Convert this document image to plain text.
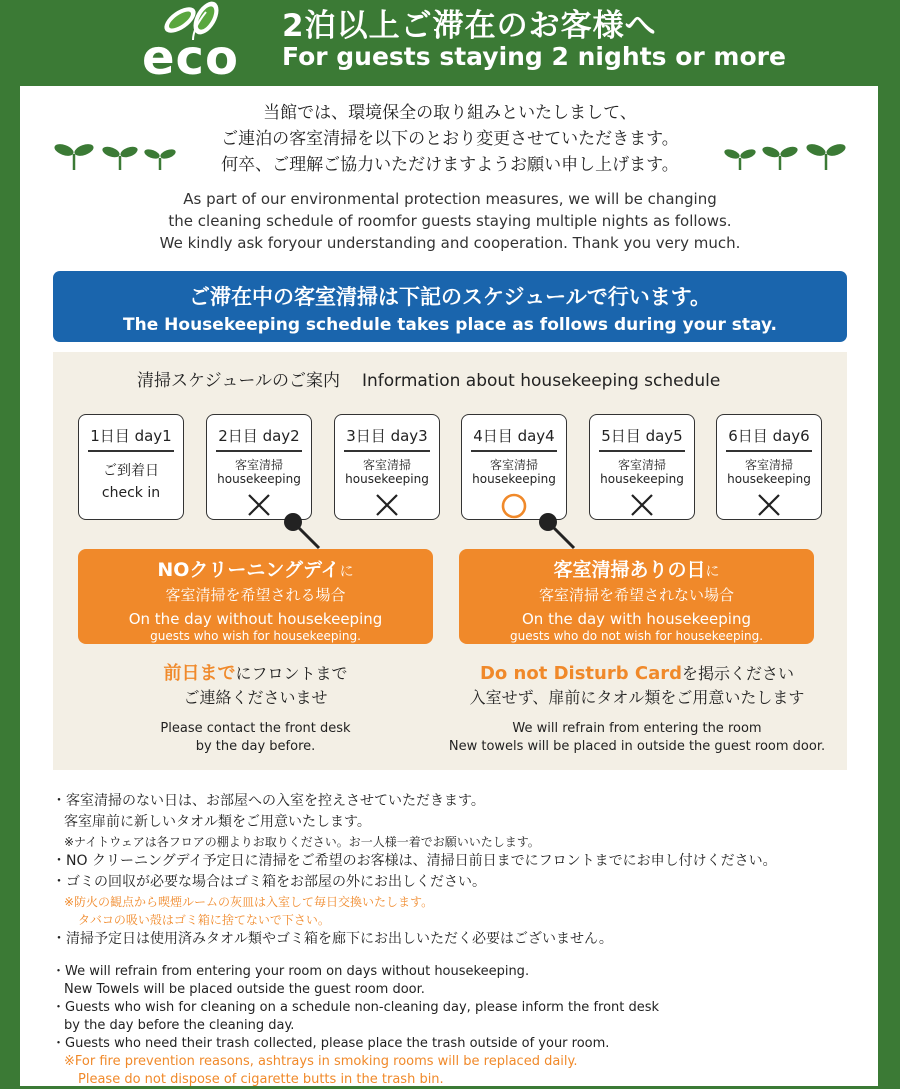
eco
2泊以上ご滞在のお客様へ
For guests staying 2 nights or more
当館では、環境保全の取り組みといたしまして、
ご連泊の客室清掃を以下のとおり変更させていただきます。
何卒、ご理解ご協力いただけますようお願い申し上げます。
As part of our environmental protection measures, we will be changing
the cleaning schedule of roomfor guests staying multiple nights as follows.
We kindly ask foryour understanding and cooperation. Thank you very much.
ご滞在中の客室清掃は下記のスケジュールで行います。
The Housekeeping schedule takes place as follows during your stay.
清掃スケジュールのご案内 Information about housekeeping schedule
1日目 day1
ご到着日
check in
2日目 day2
客室清掃
housekeeping
3日目 day3
客室清掃
housekeeping
4日目 day4
客室清掃
housekeeping
5日目 day5
客室清掃
housekeeping
6日目 day6
客室清掃
housekeeping
NOクリーニングデイに
客室清掃を希望される場合
On the day without housekeeping
guests who wish for housekeeping.
客室清掃ありの日に
客室清掃を希望されない場合
On the day with housekeeping
guests who do not wish for housekeeping.
前日までにフロントまで
ご連絡くださいませ
Please contact the front desk
by the day before.
Do not Disturb Cardを掲示ください
入室せず、扉前にタオル類をご用意いたします
We will refrain from entering the room
New towels will be placed in outside the guest room door.
・客室清掃のない日は、お部屋への入室を控えさせていただきます。
客室扉前に新しいタオル類をご用意いたします。
※ナイトウェアは各フロアの棚よりお取りください。お一人様一着でお願いいたします。
・NO クリーニングデイ予定日に清掃をご希望のお客様は、清掃日前日までにフロントまでにお申し付けください。
・ゴミの回収が必要な場合はゴミ箱をお部屋の外にお出しください。
※防火の観点から喫煙ルームの灰皿は入室して毎日交換いたします。
タバコの吸い殻はゴミ箱に捨てないで下さい。
・清掃予定日は使用済みタオル類やゴミ箱を廊下にお出しいただく必要はございません。
・We will refrain from entering your room on days without housekeeping.
New Towels will be placed outside the guest room door.
・Guests who wish for cleaning on a schedule non-cleaning day, please inform the front desk
by the day before the cleaning day.
・Guests who need their trash collected, please place the trash outside of your room.
※For fire prevention reasons, ashtrays in smoking rooms will be replaced daily.
Please do not dispose of cigarette butts in the trash bin.
